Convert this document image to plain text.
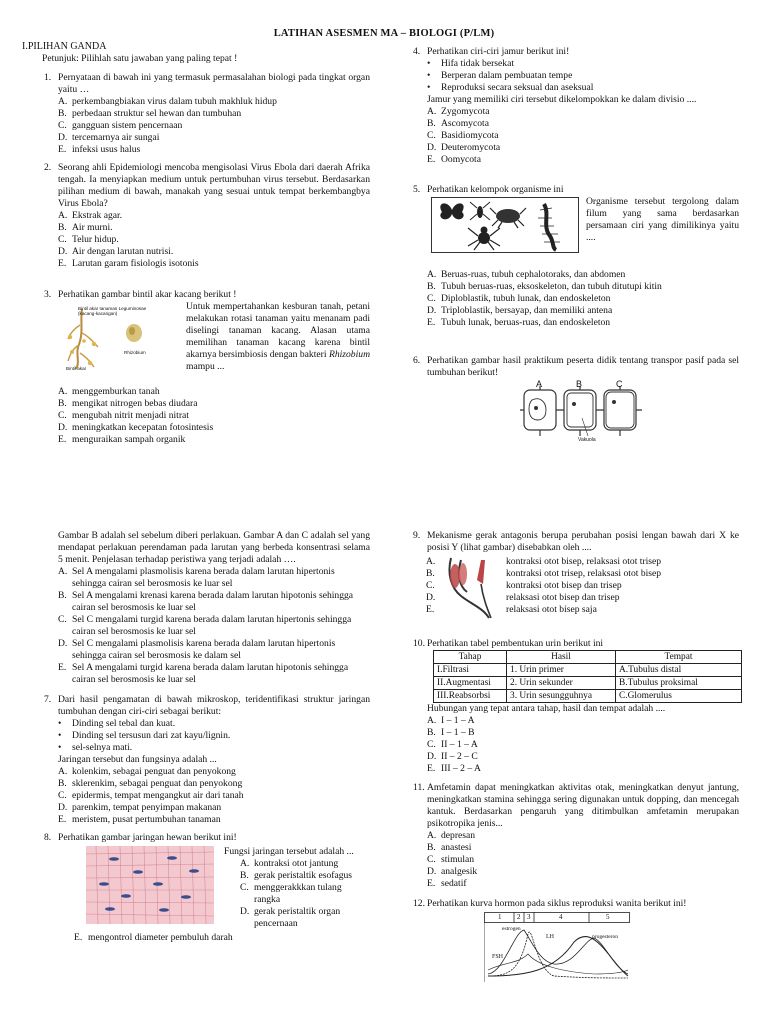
LATIHAN ASESMEN MA – BIOLOGI (P/LM)
I.PILIHAN GANDA
Petunjuk: Pilihlah satu jawaban yang paling tepat !
1. Pernyataan di bawah ini yang termasuk permasalahan biologi pada tingkat organ yaitu …
A. perkembangbiakan virus dalam tubuh makhluk hidup
B. perbedaan struktur sel hewan dan tumbuhan
C. gangguan sistem pencernaan
D. tercemarnya air sungai
E. infeksi usus halus
2. Seorang ahli Epidemiologi mencoba mengisolasi Virus Ebola dari daerah Afrika tengah. Ia menyiapkan medium untuk pertumbuhan virus tersebut. Berdasarkan pilihan medium di bawah, manakah yang sesuai untuk tempat berkembangbya Virus Ebola?
A. Ekstrak agar.
B. Air murni.
C. Telur hidup.
D. Air dengan larutan nutrisi.
E. Larutan garam fisiologis isotonis
3. Perhatikan gambar bintil akar kacang berikut !
Bintil akar tanaman Leguminosae (kacang-kacangan)
Bintil akar
Rhizobium
Untuk mempertahankan kesburan tanah, petani melakukan rotasi tanaman yaitu menanam padi diselingi tanaman kacang. Alasan utama memilihan tanaman kacang karena bintil akarnya bersimbiosis dengan bakteri Rhizobium mampu ...
A. menggemburkan tanah
B. mengikat nitrogen bebas diudara
C. mengubah nitrit menjadi nitrat
D. meningkatkan kecepatan fotosintesis
E. menguraikan sampah organik
Gambar B adalah sel sebelum diberi perlakuan. Gambar A dan C adalah sel yang mendapat perlakuan perendaman pada larutan yang berbeda konsentrasi selama 5 menit. Penjelasan terhadap peristiwa yang terjadi adalah ….
A. Sel A mengalami plasmolisis karena berada dalam larutan hipertonis sehingga cairan sel berosmosis ke luar sel
B. Sel A mengalami krenasi karena berada dalam larutan hipotonis sehingga cairan sel berosmosis ke luar sel
C. Sel C mengalami turgid karena berada dalam larutan hipertonis sehingga cairan sel berosmosis ke luar sel
D. Sel C mengalami plasmolisis karena berada dalam larutan hipertonis sehingga cairan sel berosmosis ke dalam sel
E. Sel A mengalami turgid karena berada dalam larutan hipotonis sehingga cairan sel berosmosis ke luar sel
7. Dari hasil pengamatan di bawah mikroskop, teridentifikasi struktur jaringan tumbuhan dengan ciri-ciri sebagai berikut:
•	Dinding sel tebal dan kuat.
•	Dinding sel tersusun dari zat kayu/lignin.
•	sel-selnya mati.
Jaringan tersebut dan fungsinya adalah ...
A. kolenkim, sebagai penguat dan penyokong
B. sklerenkim, sebagai penguat dan penyokong
C. epidermis, tempat mengangkut air dari tanah
D. parenkim, tempat penyimpan makanan
E. meristem, pusat pertumbuhan tanaman
8. Perhatikan gambar jaringan hewan berikut ini!
Fungsi jaringan tersebut adalah ...
A. kontraksi otot jantung
B. gerak peristaltik esofagus
C. menggerakkkan tulang rangka
D. gerak peristaltik organ pencernaan
E. mengontrol diameter pembuluh darah
4. Perhatikan ciri-ciri jamur berikut ini!
•	Hifa tidak bersekat
•	Berperan dalam pembuatan tempe
•	Reproduksi secara seksual dan aseksual
Jamur yang memiliki ciri tersebut dikelompokkan ke dalam divisio ....
A. Zygomycota
B. Ascomycota
C. Basidiomycota
D. Deuteromycota
E. Oomycota
5. Perhatikan kelompok organisme ini
Organisme tersebut tergolong dalam filum yang sama berdasarkan persamaan ciri yang dimilikinya yaitu ....
A. Beruas-ruas, tubuh cephalotoraks, dan abdomen
B. Tubuh beruas-ruas, eksoskeleton, dan tubuh ditutupi kitin
C. Diploblastik, tubuh lunak, dan endoskeleton
D. Triploblastik, bersayap, dan memiliki antena
E. Tubuh lunak, beruas-ruas, dan endoskeleton
6. Perhatikan gambar hasil praktikum peserta didik tentang transpor pasif pada sel tumbuhan berikut!
A	B	C
Vakuola
9. Mekanisme gerak antagonis berupa perubahan posisi lengan bawah dari X ke posisi Y (lihat gambar) disebabkan oleh ....
A.
B.
C.
D.
E.
kontraksi otot bisep, relaksasi otot trisep
kontraksi otot trisep, relaksasi otot bisep
kontraksi otot bisep dan trisep
relaksasi otot bisep dan trisep
relaksasi otot bisep saja
10. Perhatikan tabel pembentukan urin berikut ini
Tahap	Hasil	Tempat
I.Filtrasi	1. Urin primer	A.Tubulus distal
II.Augmentasi	2. Urin sekunder	B.Tubulus proksimal
III.Reabsorbsi	3. Urin sesungguhnya	C.Glomerulus
Hubungan yang tepat antara tahap, hasil dan tempat adalah ....
A. I – 1 – A
B. I – 1 – B
C. II – 1 – A
D. II – 2 – C
E. III – 2 – A
11. Amfetamin dapat meningkatkan aktivitas otak, meningkatkan denyut jantung, meningkatkan stamina sehingga sering digunakan untuk dopping, dan mencegah kantuk. Berdasarkan pengaruh yang ditimbulkan amfetamin merupakan psikotropika jenis...
A. depresan
B. anastesi
C. stimulan
D. analgesik
E. sedatif
12. Perhatikan kurva hormon pada siklus reproduksi wanita berikut ini!
1 2 3	4	5
estrogen
LH	progesteron
FSH
